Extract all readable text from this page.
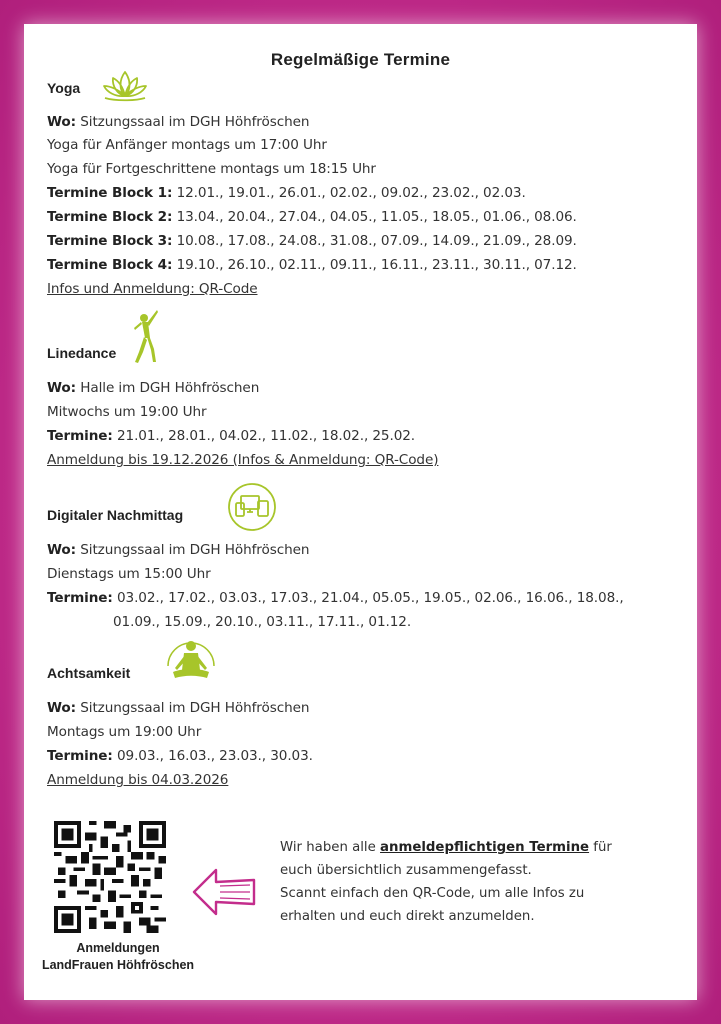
Regelmäßige Termine
Yoga
Wo: Sitzungssaal im DGH Höhfröschen
Yoga für Anfänger montags um 17:00 Uhr
Yoga für Fortgeschrittene montags um 18:15 Uhr
Termine Block 1: 12.01., 19.01., 26.01., 02.02., 09.02., 23.02., 02.03.
Termine Block 2: 13.04., 20.04., 27.04., 04.05., 11.05., 18.05., 01.06., 08.06.
Termine Block 3: 10.08., 17.08., 24.08., 31.08., 07.09., 14.09., 21.09., 28.09.
Termine Block 4: 19.10., 26.10., 02.11., 09.11., 16.11., 23.11., 30.11., 07.12.
Infos und Anmeldung: QR-Code
Linedance
Wo: Halle im DGH Höhfröschen
Mitwochs um 19:00 Uhr
Termine: 21.01., 28.01., 04.02., 11.02., 18.02., 25.02.
Anmeldung bis 19.12.2026 (Infos & Anmeldung: QR-Code)
Digitaler Nachmittag
Wo: Sitzungssaal im DGH Höhfröschen
Dienstags um 15:00 Uhr
Termine: 03.02., 17.02., 03.03., 17.03., 21.04., 05.05., 19.05., 02.06., 16.06., 18.08.,
01.09., 15.09., 20.10., 03.11., 17.11., 01.12.
Achtsamkeit
Wo: Sitzungssaal im DGH Höhfröschen
Montags um 19:00 Uhr
Termine: 09.03., 16.03., 23.03., 30.03.
Anmeldung bis 04.03.2026
Anmeldungen
LandFrauen Höhfröschen
Wir haben alle anmeldepflichtigen Termine für
euch übersichtlich zusammengefasst.
Scannt einfach den QR-Code, um alle Infos zu
erhalten und euch direkt anzumelden.
